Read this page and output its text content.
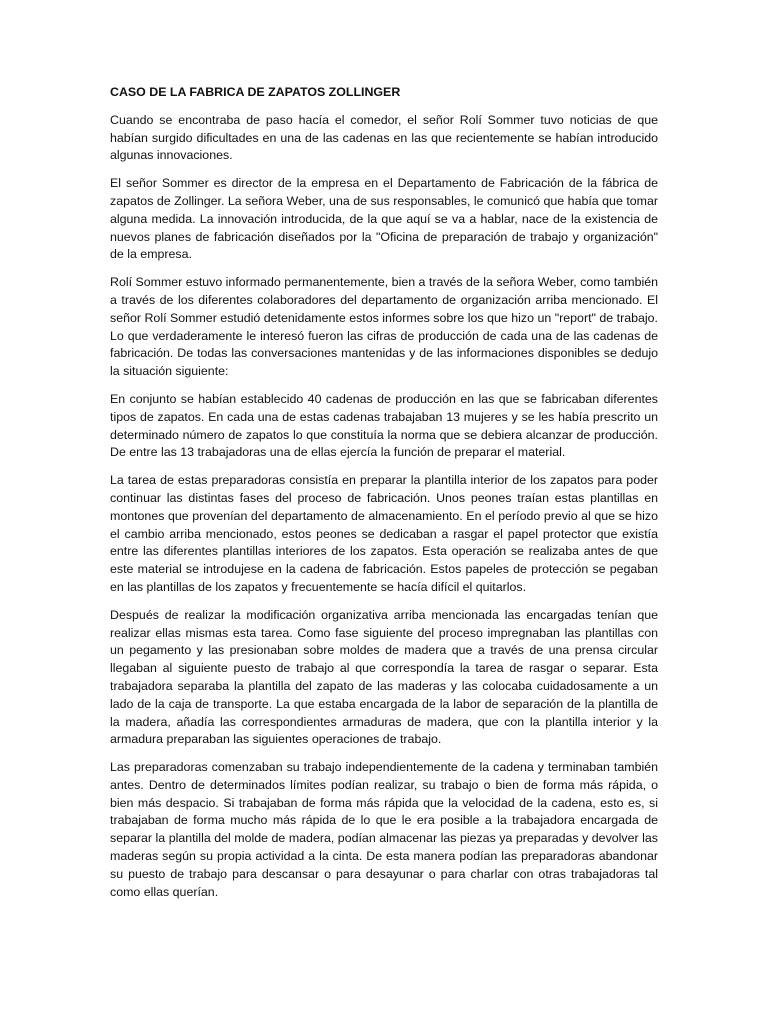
CASO DE LA FABRICA DE ZAPATOS ZOLLINGER

Cuando se encontraba de paso hacía el comedor, el señor Rolí Sommer tuvo noticias de que habían surgido dificultades en una de las cadenas en las que recientemente se habían introducido algunas innovaciones.

El señor Sommer es director de la empresa en el Departamento de Fabricación de la fábrica de zapatos de Zollinger. La señora Weber, una de sus responsables, le comunicó que había que tomar alguna medida. La innovación introducida, de la que aquí se va a hablar, nace de la existencia de nuevos planes de fabricación diseñados por la "Oficina de preparación de trabajo y organización" de la empresa.

Rolí Sommer estuvo informado permanentemente, bien a través de la señora Weber, como también a través de los diferentes colaboradores del departamento de organización arriba mencionado. El señor Rolí Sommer estudió detenidamente estos informes sobre los que hizo un "report" de trabajo. Lo que verdaderamente le interesó fueron las cifras de producción de cada una de las cadenas de fabricación. De todas las conversaciones mantenidas y de las informaciones disponibles se dedujo la situación siguiente:

En conjunto se habían establecido 40 cadenas de producción en las que se fabricaban diferentes tipos de zapatos. En cada una de estas cadenas trabajaban 13 mujeres y se les había prescrito un determinado número de zapatos lo que constituía la norma que se debiera alcanzar de producción. De entre las 13 trabajadoras una de ellas ejercía la función de preparar el material.

La tarea de estas preparadoras consistía en preparar la plantilla interior de los zapatos para poder continuar las distintas fases del proceso de fabricación. Unos peones traían estas plantillas en montones que provenían del departamento de almacenamiento. En el período previo al que se hizo el cambio arriba mencionado, estos peones se dedicaban a rasgar el papel protector que existía entre las diferentes plantillas interiores de los zapatos. Esta operación se realizaba antes de que este material se introdujese en la cadena de fabricación. Estos papeles de protección se pegaban en las plantillas de los zapatos y frecuentemente se hacía difícil el quitarlos.

Después de realizar la modificación organizativa arriba mencionada las encargadas tenían que realizar ellas mismas esta tarea. Como fase siguiente del proceso impregnaban las plantillas con un pegamento y las presionaban sobre moldes de madera que a través de una prensa circular llegaban al siguiente puesto de trabajo al que correspondía la tarea de rasgar o separar. Esta trabajadora separaba la plantilla del zapato de las maderas y las colocaba cuidadosamente a un lado de la caja de transporte. La que estaba encargada de la labor de separación de la plantilla de la madera, añadía las correspondientes armaduras de madera, que con la plantilla interior y la armadura preparaban las siguientes operaciones de trabajo.

Las preparadoras comenzaban su trabajo independientemente de la cadena y terminaban también antes. Dentro de determinados límites podían realizar, su trabajo o bien de forma más rápida, o bien más despacio. Si trabajaban de forma más rápida que la velocidad de la cadena, esto es, si trabajaban de forma mucho más rápida de lo que le era posible a la trabajadora encargada de separar la plantilla del molde de madera, podían almacenar las piezas ya preparadas y devolver las maderas según su propia actividad a la cinta. De esta manera podían las preparadoras abandonar su puesto de trabajo para descansar o para desayunar o para charlar con otras trabajadoras tal como ellas querían.
